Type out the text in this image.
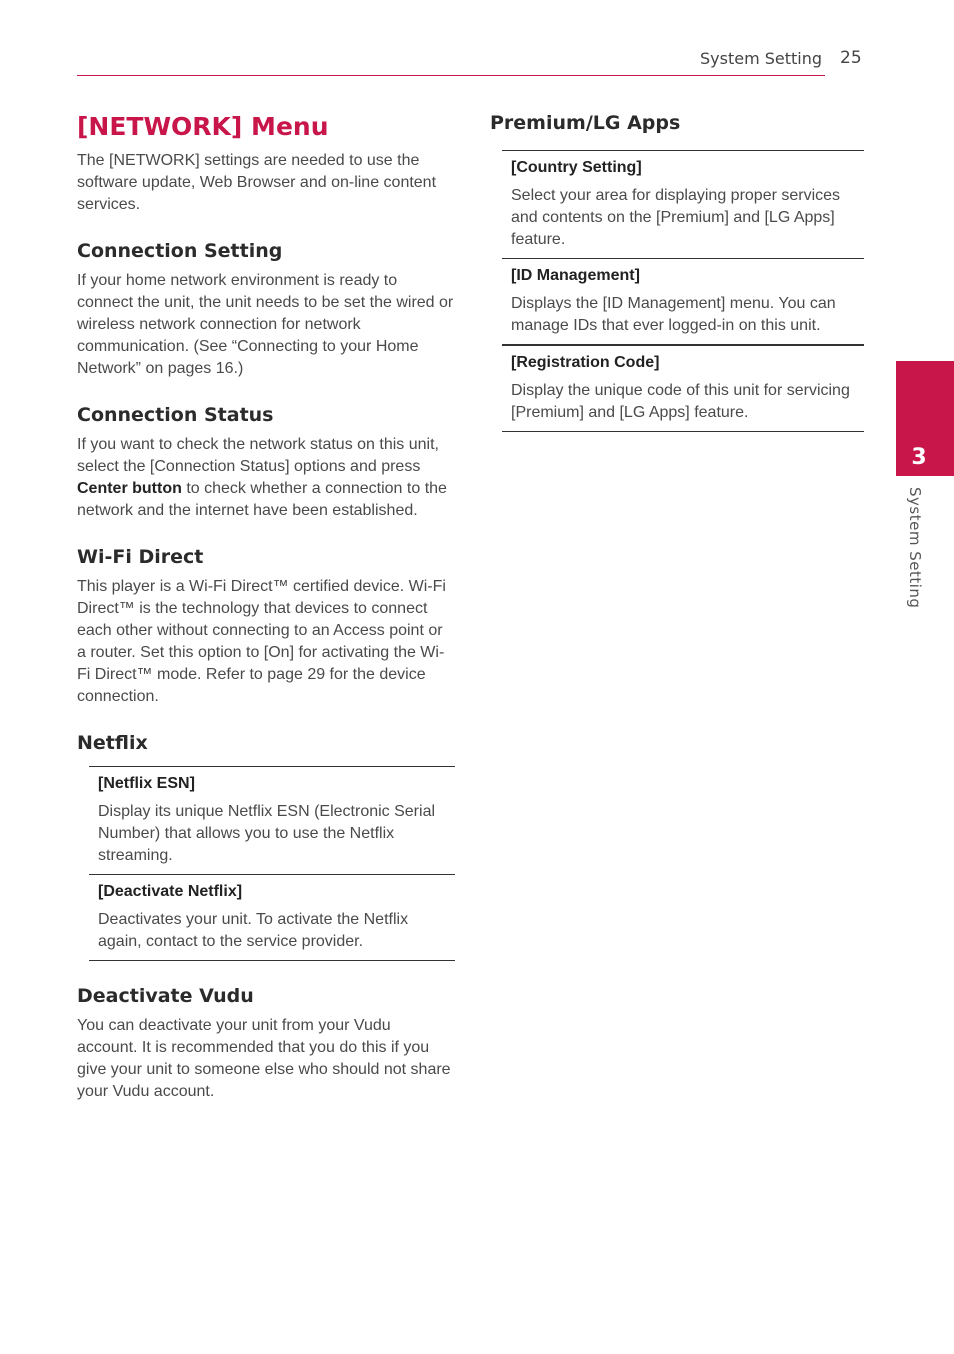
System Setting 25
[NETWORK] Menu

The [NETWORK] settings are needed to use the software update, Web Browser and on-line content services.

Connection Setting

If your home network environment is ready to connect the unit, the unit needs to be set the wired or wireless network connection for network communication. (See “Connecting to your Home Network” on pages 16.)

Connection Status

If you want to check the network status on this unit, select the [Connection Status] options and press Center button to check whether a connection to the network and the internet have been established.

Wi-Fi Direct

This player is a Wi-Fi Direct™ certified device. Wi-Fi Direct™ is the technology that devices to connect each other without connecting to an Access point or a router. Set this option to [On] for activating the Wi-Fi Direct™ mode. Refer to page 29 for the device connection.

Netflix

[Netflix ESN]

Display its unique Netflix ESN (Electronic Serial Number) that allows you to use the Netflix streaming.

[Deactivate Netflix]

Deactivates your unit. To activate the Netflix again, contact to the service provider.

Deactivate Vudu

You can deactivate your unit from your Vudu account. It is recommended that you do this if you give your unit to someone else who should not share your Vudu account.

Premium/LG Apps

[Country Setting]

Select your area for displaying proper services and contents on the [Premium] and [LG Apps] feature.

[ID Management]

Displays the [ID Management] menu. You can manage IDs that ever logged-in on this unit.

[Registration Code]

Display the unique code of this unit for servicing [Premium] and [LG Apps] feature.

3
System Setting
